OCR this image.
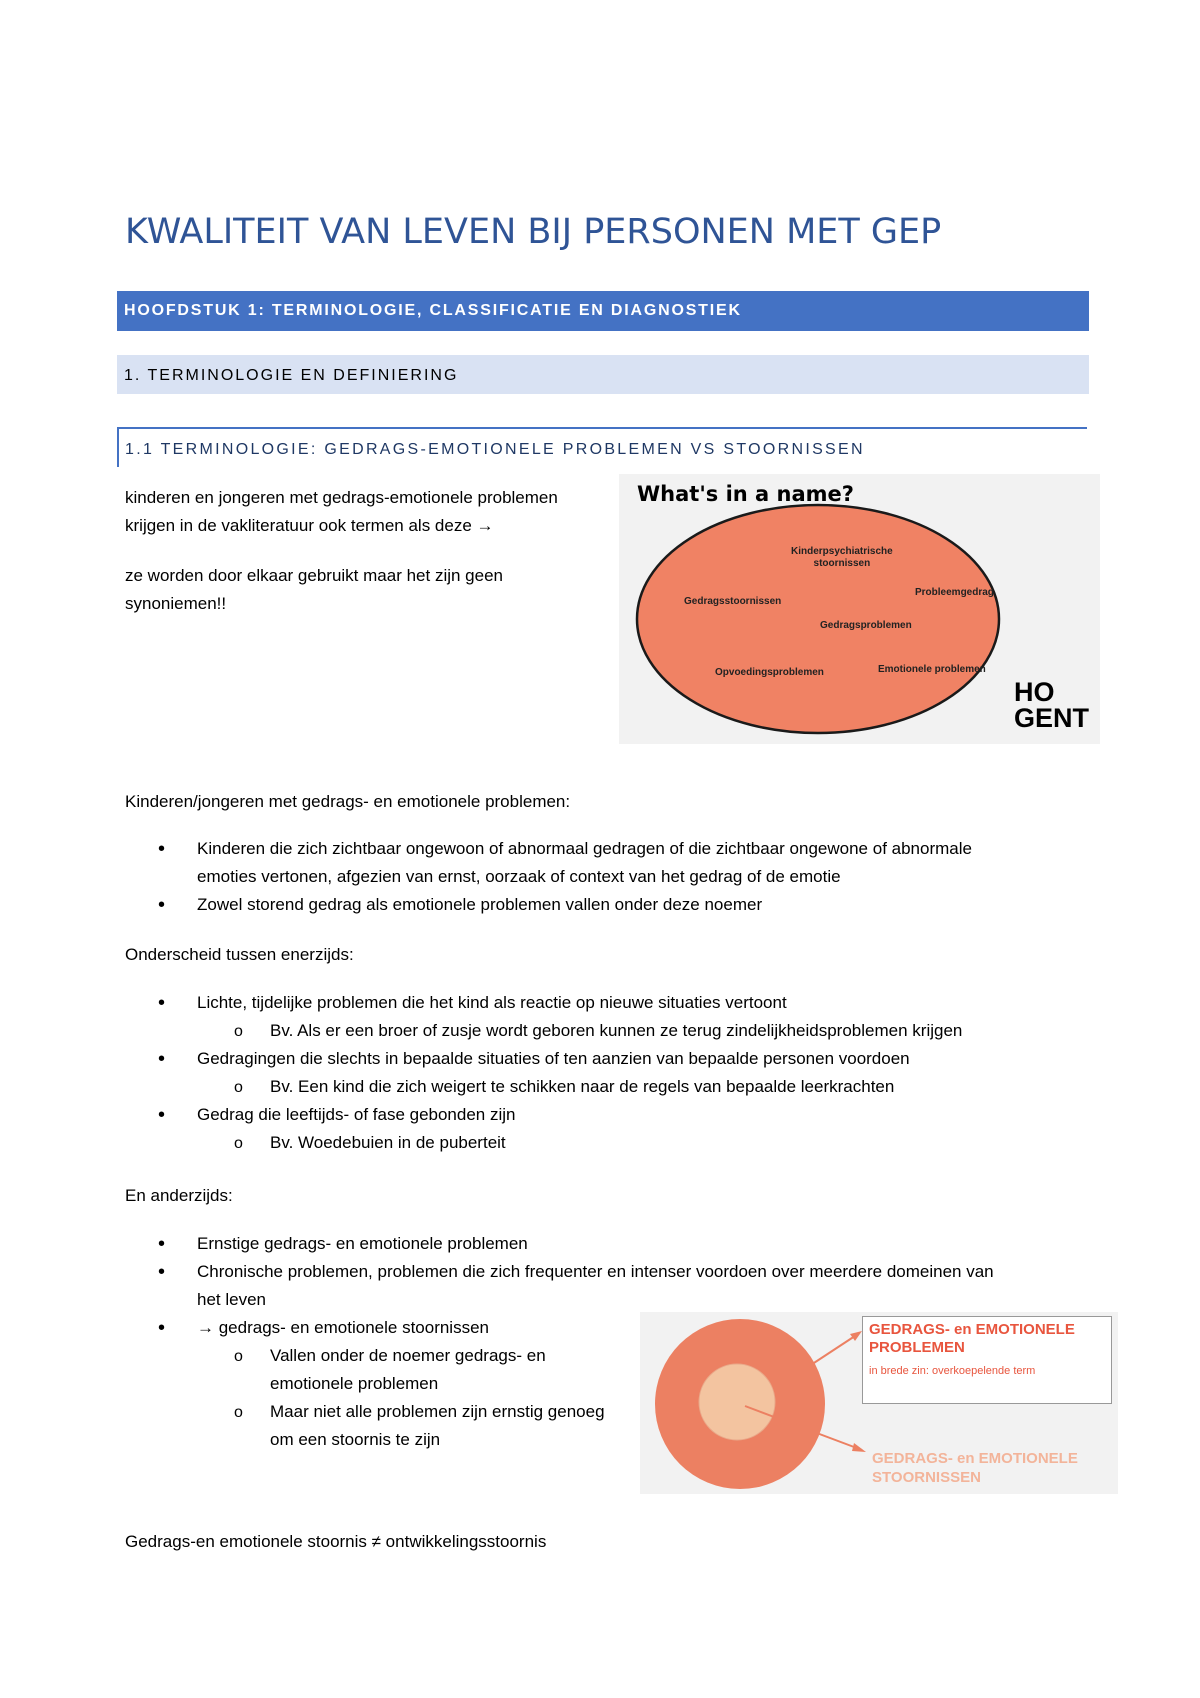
KWALITEIT VAN LEVEN BIJ PERSONEN MET GEP
HOOFDSTUK 1: TERMINOLOGIE, CLASSIFICATIE EN DIAGNOSTIEK
1. TERMINOLOGIE EN DEFINIERING
1.1 TERMINOLOGIE: GEDRAGS-EMOTIONELE PROBLEMEN VS STOORNISSEN
kinderen en jongeren met gedrags-emotionele problemen
krijgen in de vakliteratuur ook termen als deze →
ze worden door elkaar gebruikt maar het zijn geen
synoniemen!!
What's in a name?
Kinderpsychiatrische
stoornissen
Probleemgedrag
Gedragsstoornissen
Gedragsproblemen
Opvoedingsproblemen	Emotionele problemen
HO
GENT
Kinderen/jongeren met gedrags- en emotionele problemen:
•
Kinderen die zich zichtbaar ongewoon of abnormaal gedragen of die zichtbaar ongewone of abnormale
emoties vertonen, afgezien van ernst, oorzaak of context van het gedrag of de emotie
•
Zowel storend gedrag als emotionele problemen vallen onder deze noemer
Onderscheid tussen enerzijds:
•
Lichte, tijdelijke problemen die het kind als reactie op nieuwe situaties vertoont
o
Bv. Als er een broer of zusje wordt geboren kunnen ze terug zindelijkheidsproblemen krijgen
•
Gedragingen die slechts in bepaalde situaties of ten aanzien van bepaalde personen voordoen
o
Bv. Een kind die zich weigert te schikken naar de regels van bepaalde leerkrachten
•
Gedrag die leeftijds- of fase gebonden zijn
o
Bv. Woedebuien in de puberteit
En anderzijds:
•
Ernstige gedrags- en emotionele problemen
•
Chronische problemen, problemen die zich frequenter en intenser voordoen over meerdere domeinen van
het leven
•
→ gedrags- en emotionele stoornissen
o
Vallen onder de noemer gedrags- en
emotionele problemen
o
Maar niet alle problemen zijn ernstig genoeg
om een stoornis te zijn
GEDRAGS- en EMOTIONELE
PROBLEMEN
in brede zin: overkoepelende term
GEDRAGS- en EMOTIONELE
STOORNISSEN
Gedrags-en emotionele stoornis ≠ ontwikkelingsstoornis
